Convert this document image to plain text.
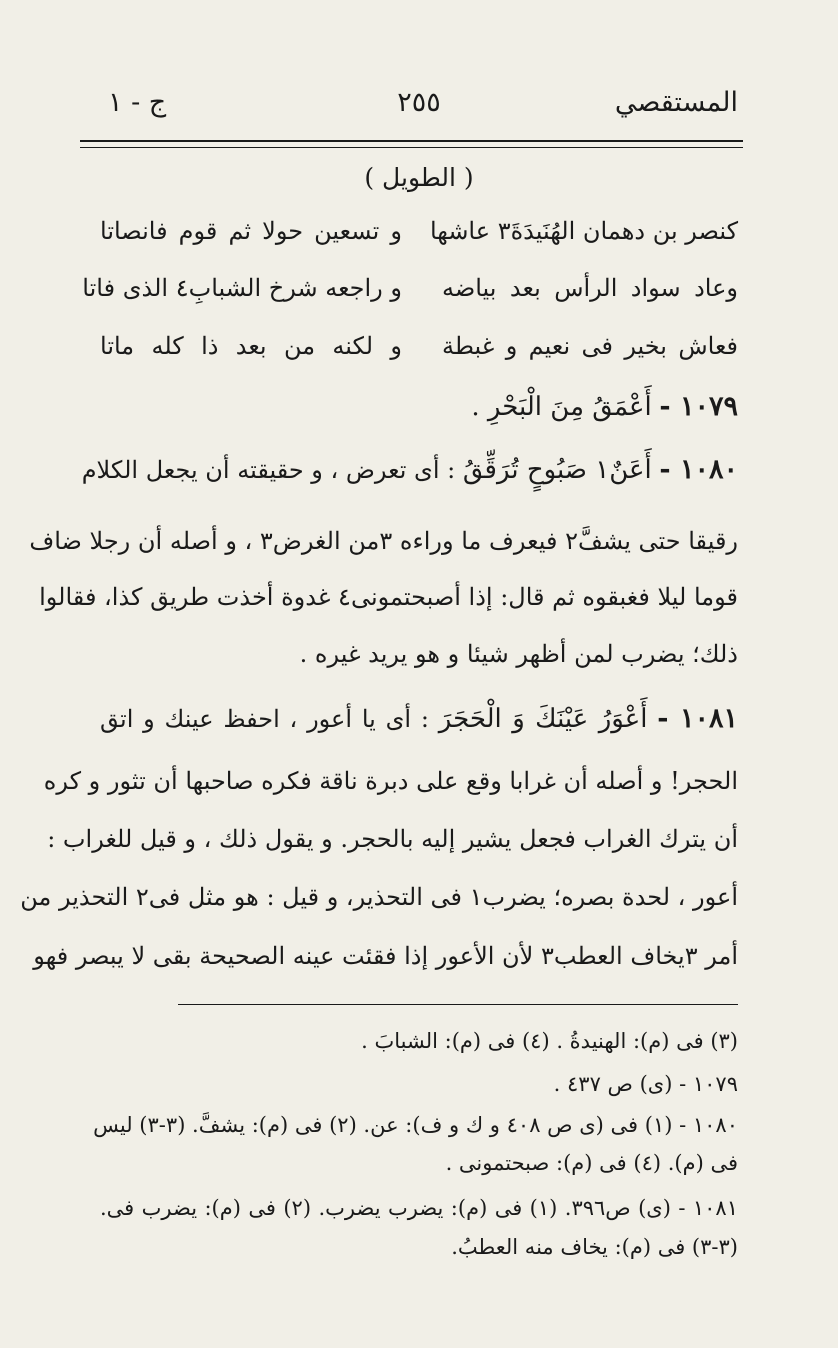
المستقصي
٢٥٥
ج - ١
( الطويل )
كنصر بن دهمان الهُنَيدَةَ٣ عاشها
و تسعين حولا ثم قوم فانصاتا
وعاد سواد الرأس بعد بياضه
و راجعه شرخ الشبابِ٤ الذى فاتا
فعاش بخير فى نعيم و غبطة
و لكنه من بعد ذا كله ماتا
١٠٧٩ - أَعْمَقُ مِنَ الْبَحْرِ .
١٠٨٠ - أَعَنٌ١ صَبُوحٍ تُرَقِّقُ : أى تعرض ، و حقيقته أن يجعل الكلام
رقيقا حتى يشفَّ٢ فيعرف ما وراءه ٣من الغرض٣ ، و أصله أن رجلا ضاف
قوما ليلا فغبقوه ثم قال: إذا أصبحتمونى٤ غدوة أخذت طريق كذا، فقالوا
ذلك؛ يضرب لمن أظهر شيئا و هو يريد غيره .
١٠٨١ - أَعْوَرُ عَيْنَكَ وَ الْحَجَرَ : أى يا أعور ، احفظ عينك و اتق
الحجر! و أصله أن غرابا وقع على دبرة ناقة فكره صاحبها أن تثور و كره
أن يترك الغراب فجعل يشير إليه بالحجر. و يقول ذلك ، و قيل للغراب :
أعور ، لحدة بصره؛ يضرب١ فى التحذير، و قيل : هو مثل فى٢ التحذير من
أمر ٣يخاف العطب٣ لأن الأعور إذا فقئت عينه الصحيحة بقى لا يبصر فهو
(٣) فى (م): الهنيدةُ . (٤) فى (م): الشبابَ .
١٠٧٩ - (ى) ص ٤٣٧ .
١٠٨٠ - (١) فى (ى ص ٤٠٨ و ك و ف): عن. (٢) فى (م): يشفَّ. (٣-٣) ليس
فى (م). (٤) فى (م): صبحتمونى .
١٠٨١ - (ى) ص٣٩٦. (١) فى (م): يضرب يضرب. (٢) فى (م): يضرب فى.
(٣-٣) فى (م): يخاف منه العطبُ.
